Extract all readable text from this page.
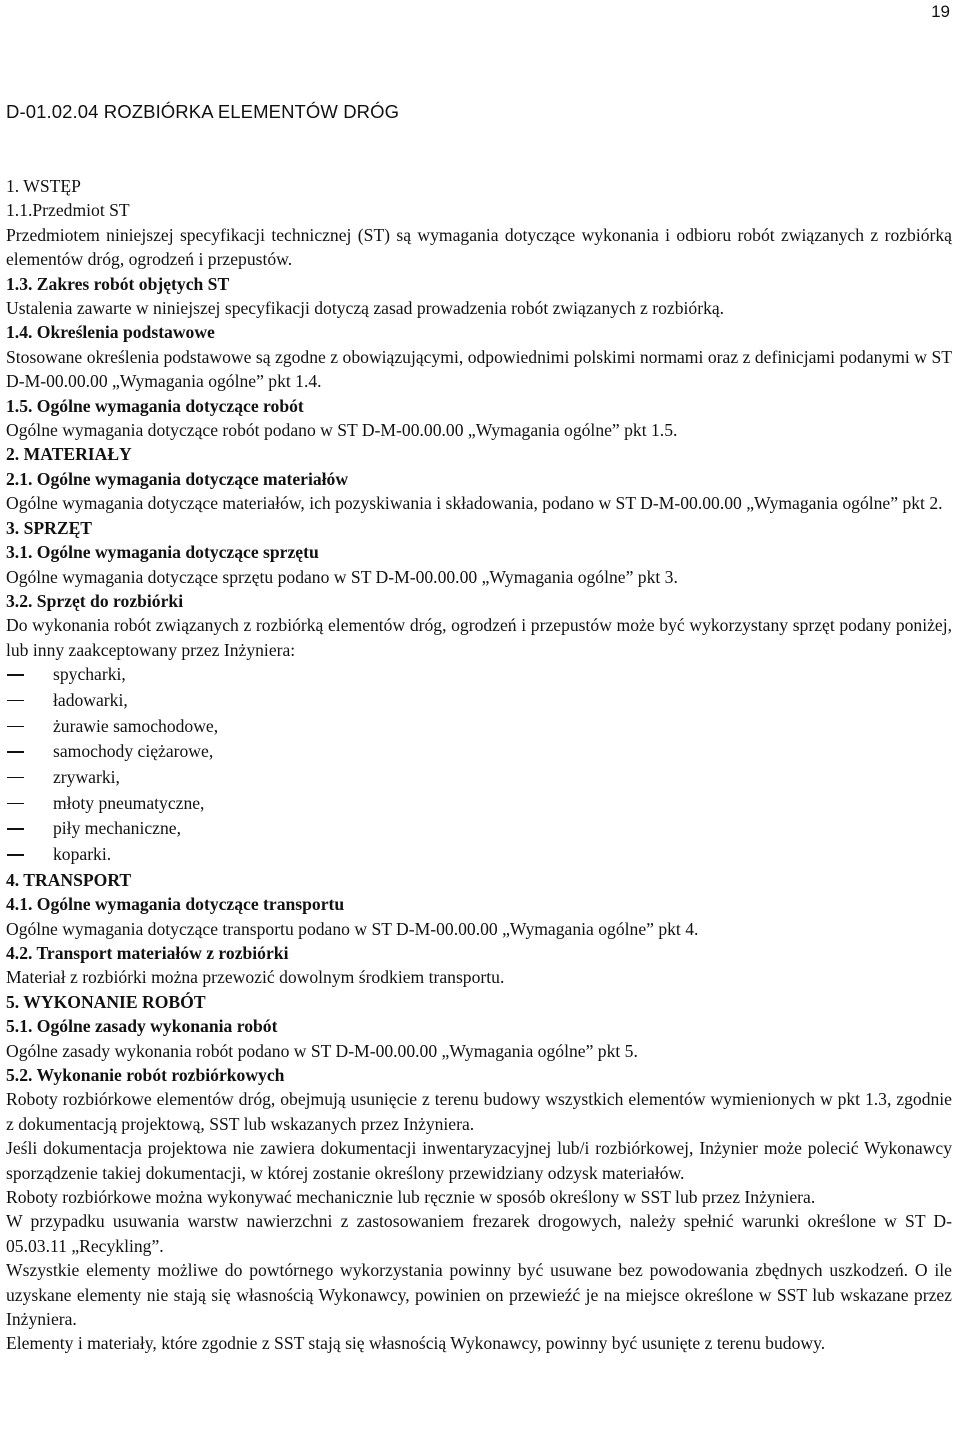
19
D-01.02.04 ROZBIÓRKA ELEMENTÓW DRÓG

1. WSTĘP

1.1.Przedmiot ST

Przedmiotem niniejszej specyfikacji technicznej (ST) są wymagania dotyczące wykonania i odbioru robót związanych z rozbiórką elementów dróg, ogrodzeń i przepustów.

1.3. Zakres robót objętych ST

Ustalenia zawarte w niniejszej specyfikacji dotyczą zasad prowadzenia robót związanych z rozbiórką.

1.4. Określenia podstawowe

Stosowane określenia podstawowe są zgodne z obowiązującymi, odpowiednimi polskimi normami oraz z definicjami podanymi w ST D-M-00.00.00 „Wymagania ogólne” pkt 1.4.

1.5. Ogólne wymagania dotyczące robót

Ogólne wymagania dotyczące robót podano w ST D-M-00.00.00 „Wymagania ogólne” pkt 1.5.

2. MATERIAŁY

2.1. Ogólne wymagania dotyczące materiałów

Ogólne wymagania dotyczące materiałów, ich pozyskiwania i składowania, podano w ST D-M-00.00.00 „Wymagania ogólne” pkt 2.

3. SPRZĘT

3.1. Ogólne wymagania dotyczące sprzętu

Ogólne wymagania dotyczące sprzętu podano w ST D-M-00.00.00 „Wymagania ogólne” pkt 3.

3.2. Sprzęt do rozbiórki

Do wykonania robót związanych z rozbiórką elementów dróg, ogrodzeń i przepustów może być wykorzystany sprzęt podany poniżej, lub inny zaakceptowany przez Inżyniera:

spycharki,
ładowarki,
żurawie samochodowe,
samochody ciężarowe,
zrywarki,
młoty pneumatyczne,
piły mechaniczne,
koparki.

4. TRANSPORT

4.1. Ogólne wymagania dotyczące transportu

Ogólne wymagania dotyczące transportu podano w ST D-M-00.00.00 „Wymagania ogólne” pkt 4.

4.2. Transport materiałów z rozbiórki

Materiał z rozbiórki można przewozić dowolnym środkiem transportu.

5. WYKONANIE ROBÓT

5.1. Ogólne zasady wykonania robót

Ogólne zasady wykonania robót podano w ST D-M-00.00.00 „Wymagania ogólne” pkt 5.

5.2. Wykonanie robót rozbiórkowych

Roboty rozbiórkowe elementów dróg, obejmują usunięcie z terenu budowy wszystkich elementów wymienionych w pkt 1.3, zgodnie z dokumentacją projektową, SST lub wskazanych przez Inżyniera.

Jeśli dokumentacja projektowa nie zawiera dokumentacji inwentaryzacyjnej lub/i rozbiórkowej, Inżynier może polecić Wykonawcy sporządzenie takiej dokumentacji, w której zostanie określony przewidziany odzysk materiałów.

Roboty rozbiórkowe można wykonywać mechanicznie lub ręcznie w sposób określony w SST lub przez Inżyniera.

W przypadku usuwania warstw nawierzchni z zastosowaniem frezarek drogowych, należy spełnić warunki określone w ST D-05.03.11 „Recykling”.

Wszystkie elementy możliwe do powtórnego wykorzystania powinny być usuwane bez powodowania zbędnych uszkodzeń. O ile uzyskane elementy nie stają się własnością Wykonawcy, powinien on przewieźć je na miejsce określone w SST lub wskazane przez Inżyniera.

Elementy i materiały, które zgodnie z SST stają się własnością Wykonawcy, powinny być usunięte z terenu budowy.
